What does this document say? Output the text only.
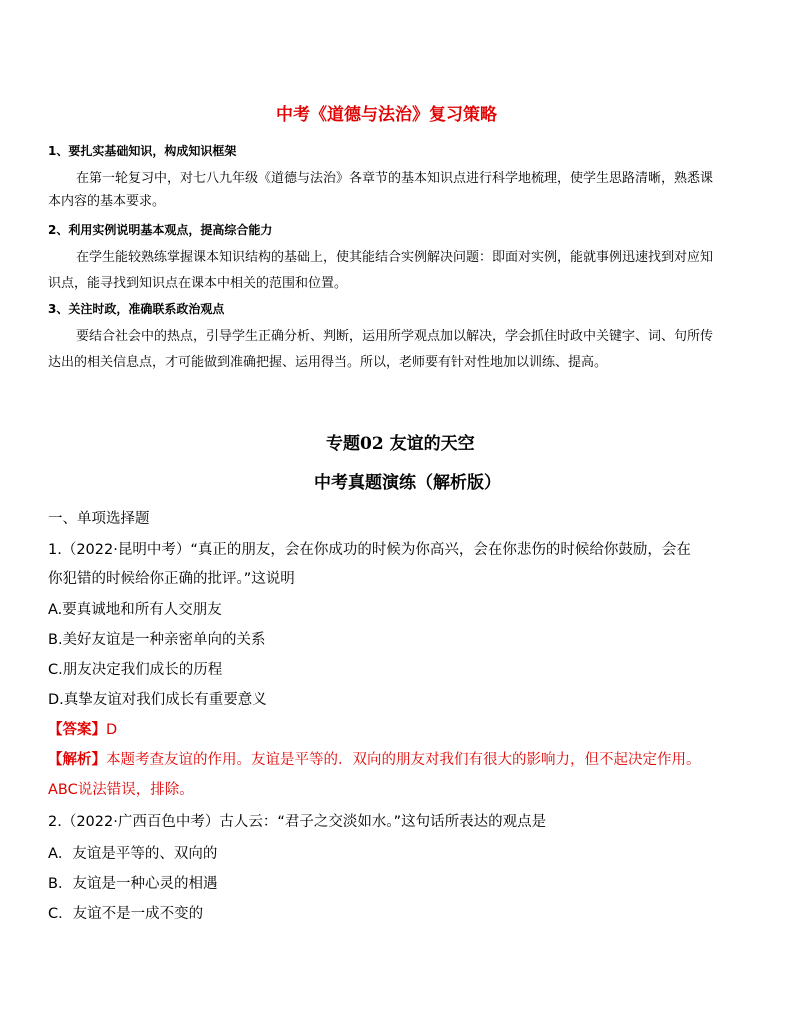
中考《道德与法治》复习策略
1、要扎实基础知识，构成知识框架
在第一轮复习中，对七八九年级《道德与法治》各章节的基本知识点进行科学地梳理，使学生思路清晰，熟悉课
本内容的基本要求。
2、利用实例说明基本观点，提高综合能力
在学生能较熟练掌握课本知识结构的基础上，使其能结合实例解决问题：即面对实例，能就事例迅速找到对应知
识点，能寻找到知识点在课本中相关的范围和位置。
3、关注时政，准确联系政治观点
要结合社会中的热点，引导学生正确分析、判断，运用所学观点加以解决，学会抓住时政中关键字、词、句所传
达出的相关信息点，才可能做到准确把握、运用得当。所以，老师要有针对性地加以训练、提高。
专题02 友谊的天空
中考真题演练（解析版）
一、单项选择题
1.（2022·昆明中考）“真正的朋友，会在你成功的时候为你高兴，会在你悲伤的时候给你鼓励，会在
你犯错的时候给你正确的批评。”这说明
A.要真诚地和所有人交朋友
B.美好友谊是一种亲密单向的关系
C.朋友决定我们成长的历程
D.真挚友谊对我们成长有重要意义
【答案】D
【解析】本题考查友谊的作用。友谊是平等的．双向的朋友对我们有很大的影响力，但不起决定作用。
ABC说法错误，排除。
2.（2022·广西百色中考）古人云：“君子之交淡如水。”这句话所表达的观点是
A．友谊是平等的、双向的
B．友谊是一种心灵的相遇
C．友谊不是一成不变的
